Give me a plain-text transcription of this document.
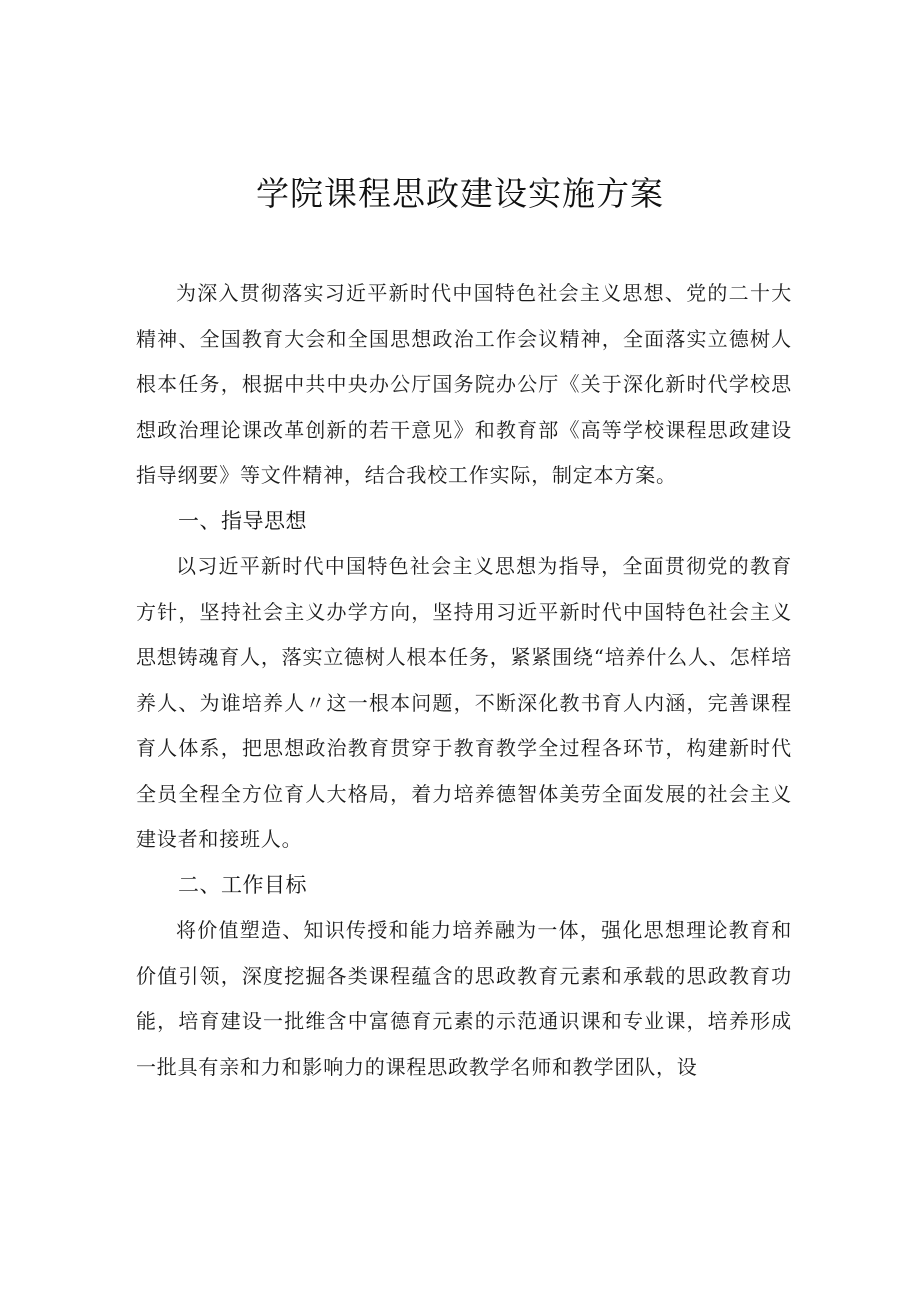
学院课程思政建设实施方案

为深入贯彻落实习近平新时代中国特色社会主义思想、党的二十大精神、全国教育大会和全国思想政治工作会议精神，全面落实立德树人根本任务，根据中共中央办公厅国务院办公厅《关于深化新时代学校思想政治理论课改革创新的若干意见》和教育部《高等学校课程思政建设指导纲要》等文件精神，结合我校工作实际，制定本方案。

一、指导思想

以习近平新时代中国特色社会主义思想为指导，全面贯彻党的教育方针，坚持社会主义办学方向，坚持用习近平新时代中国特色社会主义思想铸魂育人，落实立德树人根本任务，紧紧围绕“培养什么人、怎样培养人、为谁培养人〃这一根本问题，不断深化教书育人内涵，完善课程育人体系，把思想政治教育贯穿于教育教学全过程各环节，构建新时代全员全程全方位育人大格局，着力培养德智体美劳全面发展的社会主义建设者和接班人。

二、工作目标

将价值塑造、知识传授和能力培养融为一体，强化思想理论教育和价值引领，深度挖掘各类课程蕴含的思政教育元素和承载的思政教育功能，培育建设一批维含中富德育元素的示范通识课和专业课，培养形成一批具有亲和力和影响力的课程思政教学名师和教学团队，设
